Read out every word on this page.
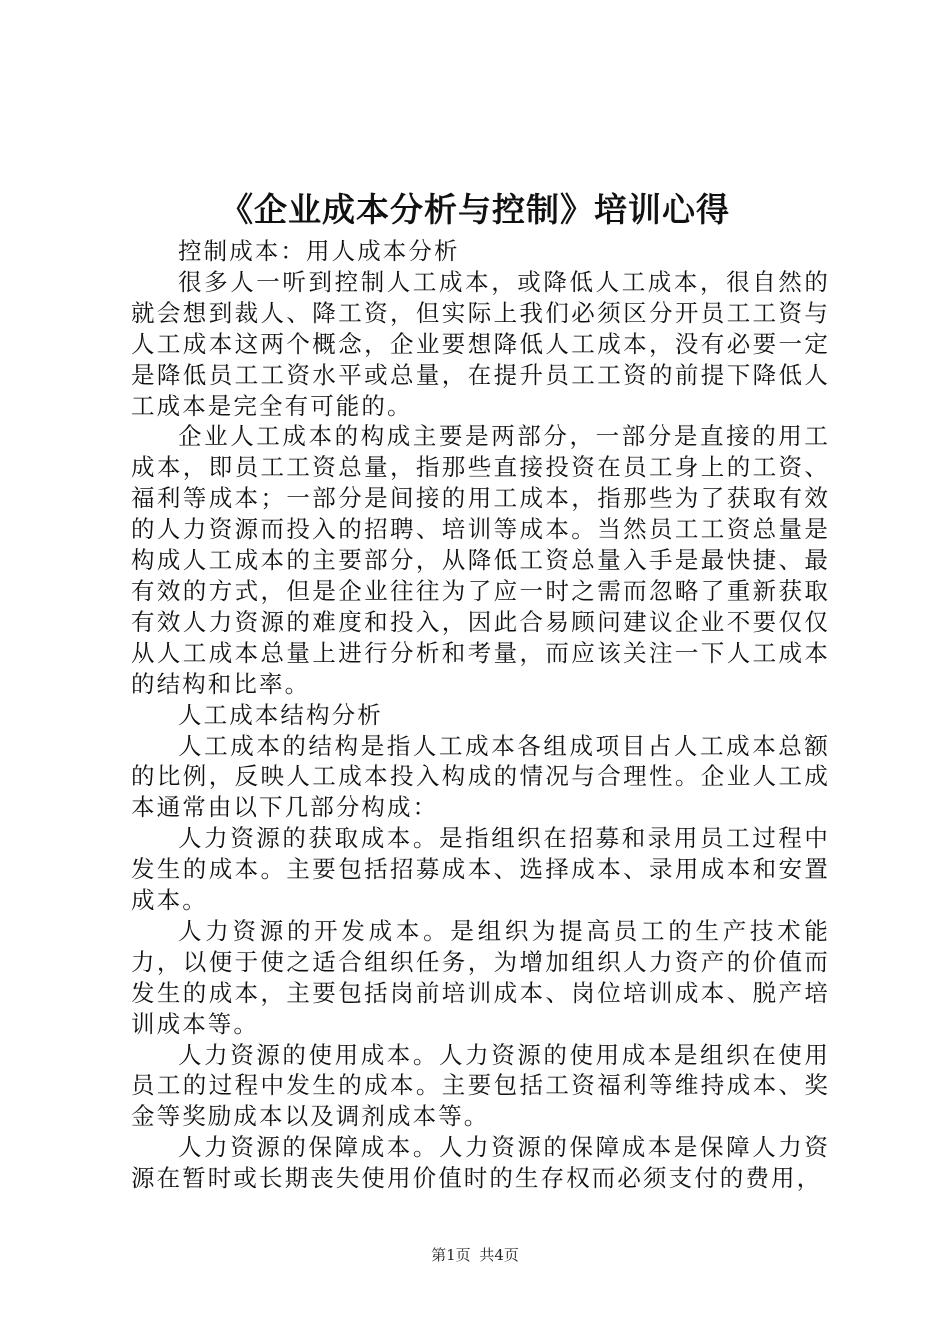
《企业成本分析与控制》培训心得

控制成本：用人成本分析

很多人一听到控制人工成本，或降低人工成本，很自然的就会想到裁人、降工资，但实际上我们必须区分开员工工资与人工成本这两个概念，企业要想降低人工成本，没有必要一定是降低员工工资水平或总量，在提升员工工资的前提下降低人工成本是完全有可能的。

企业人工成本的构成主要是两部分，一部分是直接的用工成本，即员工工资总量，指那些直接投资在员工身上的工资、福利等成本；一部分是间接的用工成本，指那些为了获取有效的人力资源而投入的招聘、培训等成本。当然员工工资总量是构成人工成本的主要部分，从降低工资总量入手是最快捷、最有效的方式，但是企业往往为了应一时之需而忽略了重新获取有效人力资源的难度和投入，因此合易顾问建议企业不要仅仅从人工成本总量上进行分析和考量，而应该关注一下人工成本的结构和比率。

人工成本结构分析

人工成本的结构是指人工成本各组成项目占人工成本总额的比例，反映人工成本投入构成的情况与合理性。企业人工成本通常由以下几部分构成：

人力资源的获取成本。是指组织在招募和录用员工过程中发生的成本。主要包括招募成本、选择成本、录用成本和安置成本。

人力资源的开发成本。是组织为提高员工的生产技术能力，以便于使之适合组织任务，为增加组织人力资产的价值而发生的成本，主要包括岗前培训成本、岗位培训成本、脱产培训成本等。

人力资源的使用成本。人力资源的使用成本是组织在使用员工的过程中发生的成本。主要包括工资福利等维持成本、奖金等奖励成本以及调剂成本等。

人力资源的保障成本。人力资源的保障成本是保障人力资源在暂时或长期丧失使用价值时的生存权而必须支付的费用，

第1页 共4页
